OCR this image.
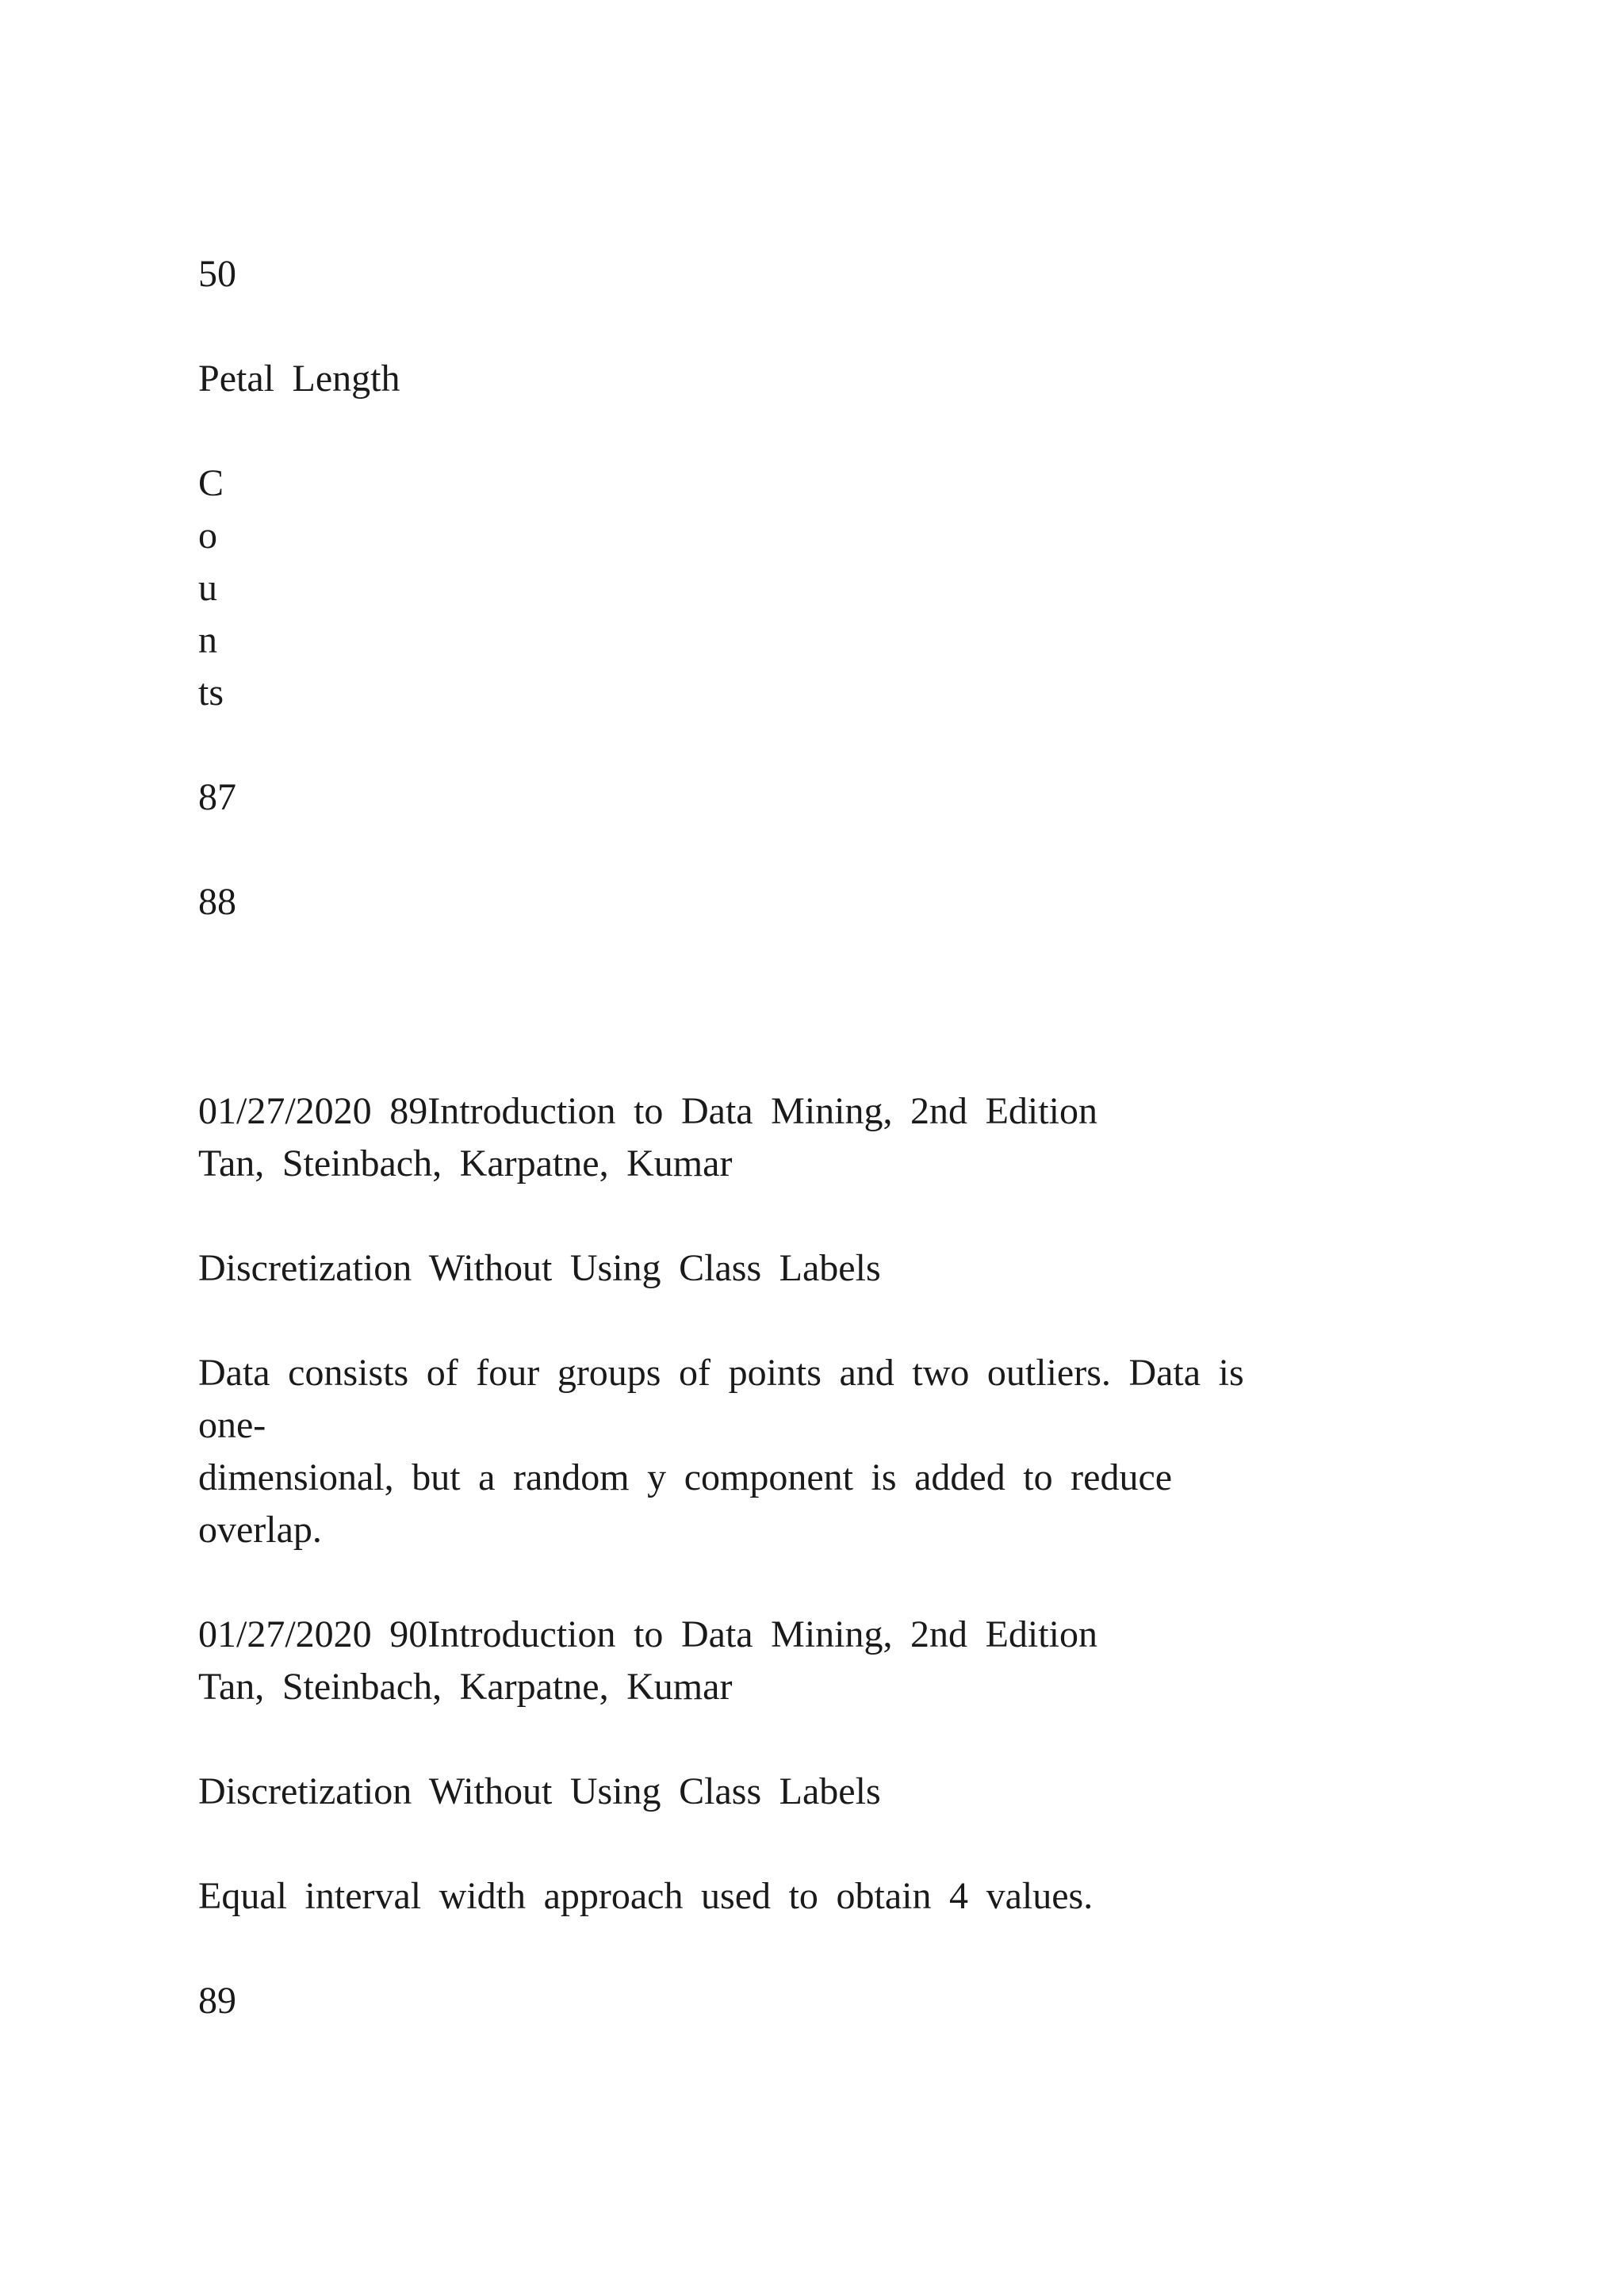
50
Petal Length
C
o
u
n
ts
87
88
01/27/2020 89Introduction to Data Mining, 2nd Edition
Tan, Steinbach, Karpatne, Kumar
Discretization Without Using Class Labels
Data consists of four groups of points and two outliers. Data is
one-
dimensional, but a random y component is added to reduce
overlap.
01/27/2020 90Introduction to Data Mining, 2nd Edition
Tan, Steinbach, Karpatne, Kumar
Discretization Without Using Class Labels
Equal interval width approach used to obtain 4 values.
89
